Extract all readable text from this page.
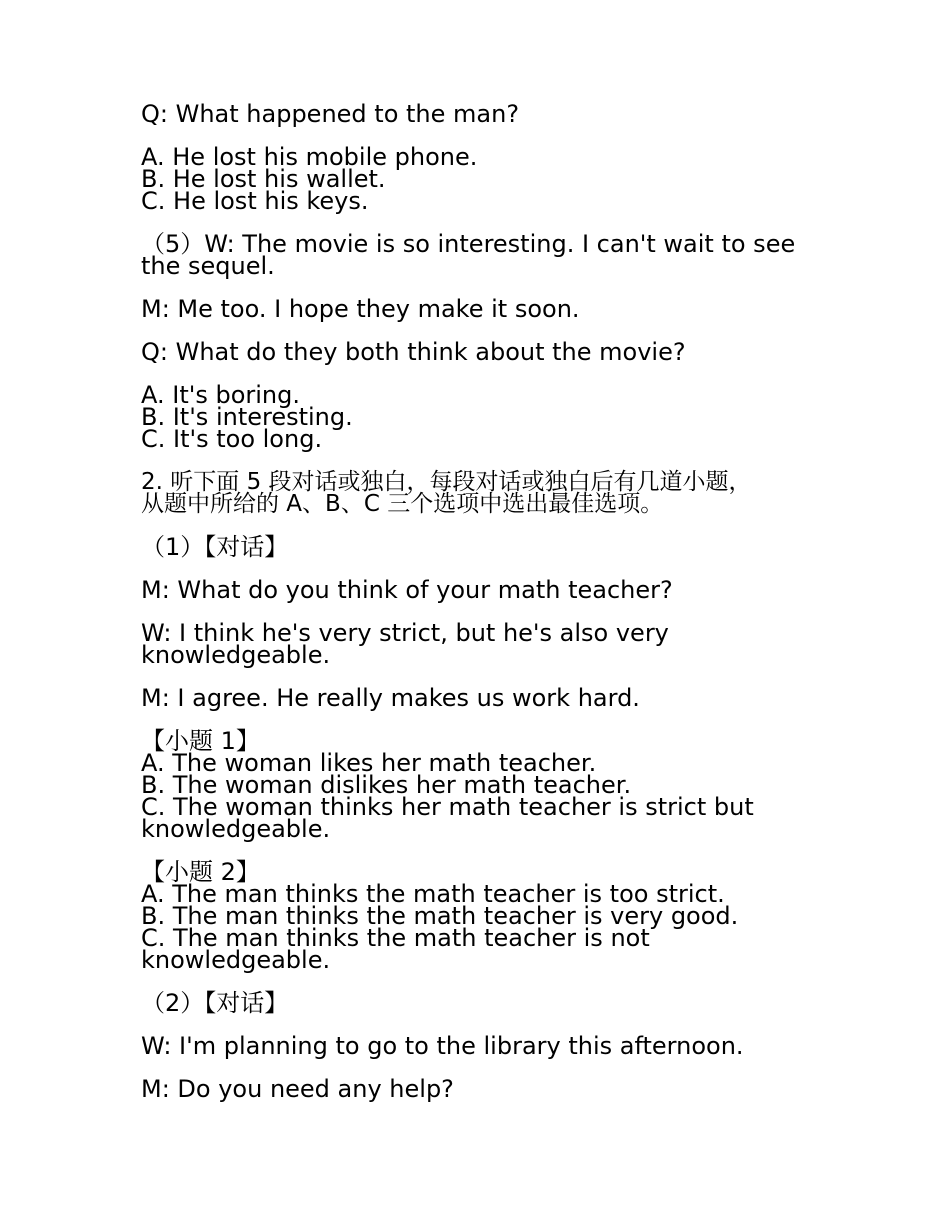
Q: What happened to the man?
A. He lost his mobile phone.
B. He lost his wallet.
C. He lost his keys.
（5）W: The movie is so interesting. I can't wait to see
the sequel.
M: Me too. I hope they make it soon.
Q: What do they both think about the movie?
A. It's boring.
B. It's interesting.
C. It's too long.
2. 听下面 5 段对话或独白，每段对话或独白后有几道小题，
从题中所给的 A、B、C 三个选项中选出最佳选项。
（1）【对话】
M: What do you think of your math teacher?
W: I think he's very strict, but he's also very
knowledgeable.
M: I agree. He really makes us work hard.
【小题 1】
A. The woman likes her math teacher.
B. The woman dislikes her math teacher.
C. The woman thinks her math teacher is strict but
knowledgeable.
【小题 2】
A. The man thinks the math teacher is too strict.
B. The man thinks the math teacher is very good.
C. The man thinks the math teacher is not
knowledgeable.
（2）【对话】
W: I'm planning to go to the library this afternoon.
M: Do you need any help?
